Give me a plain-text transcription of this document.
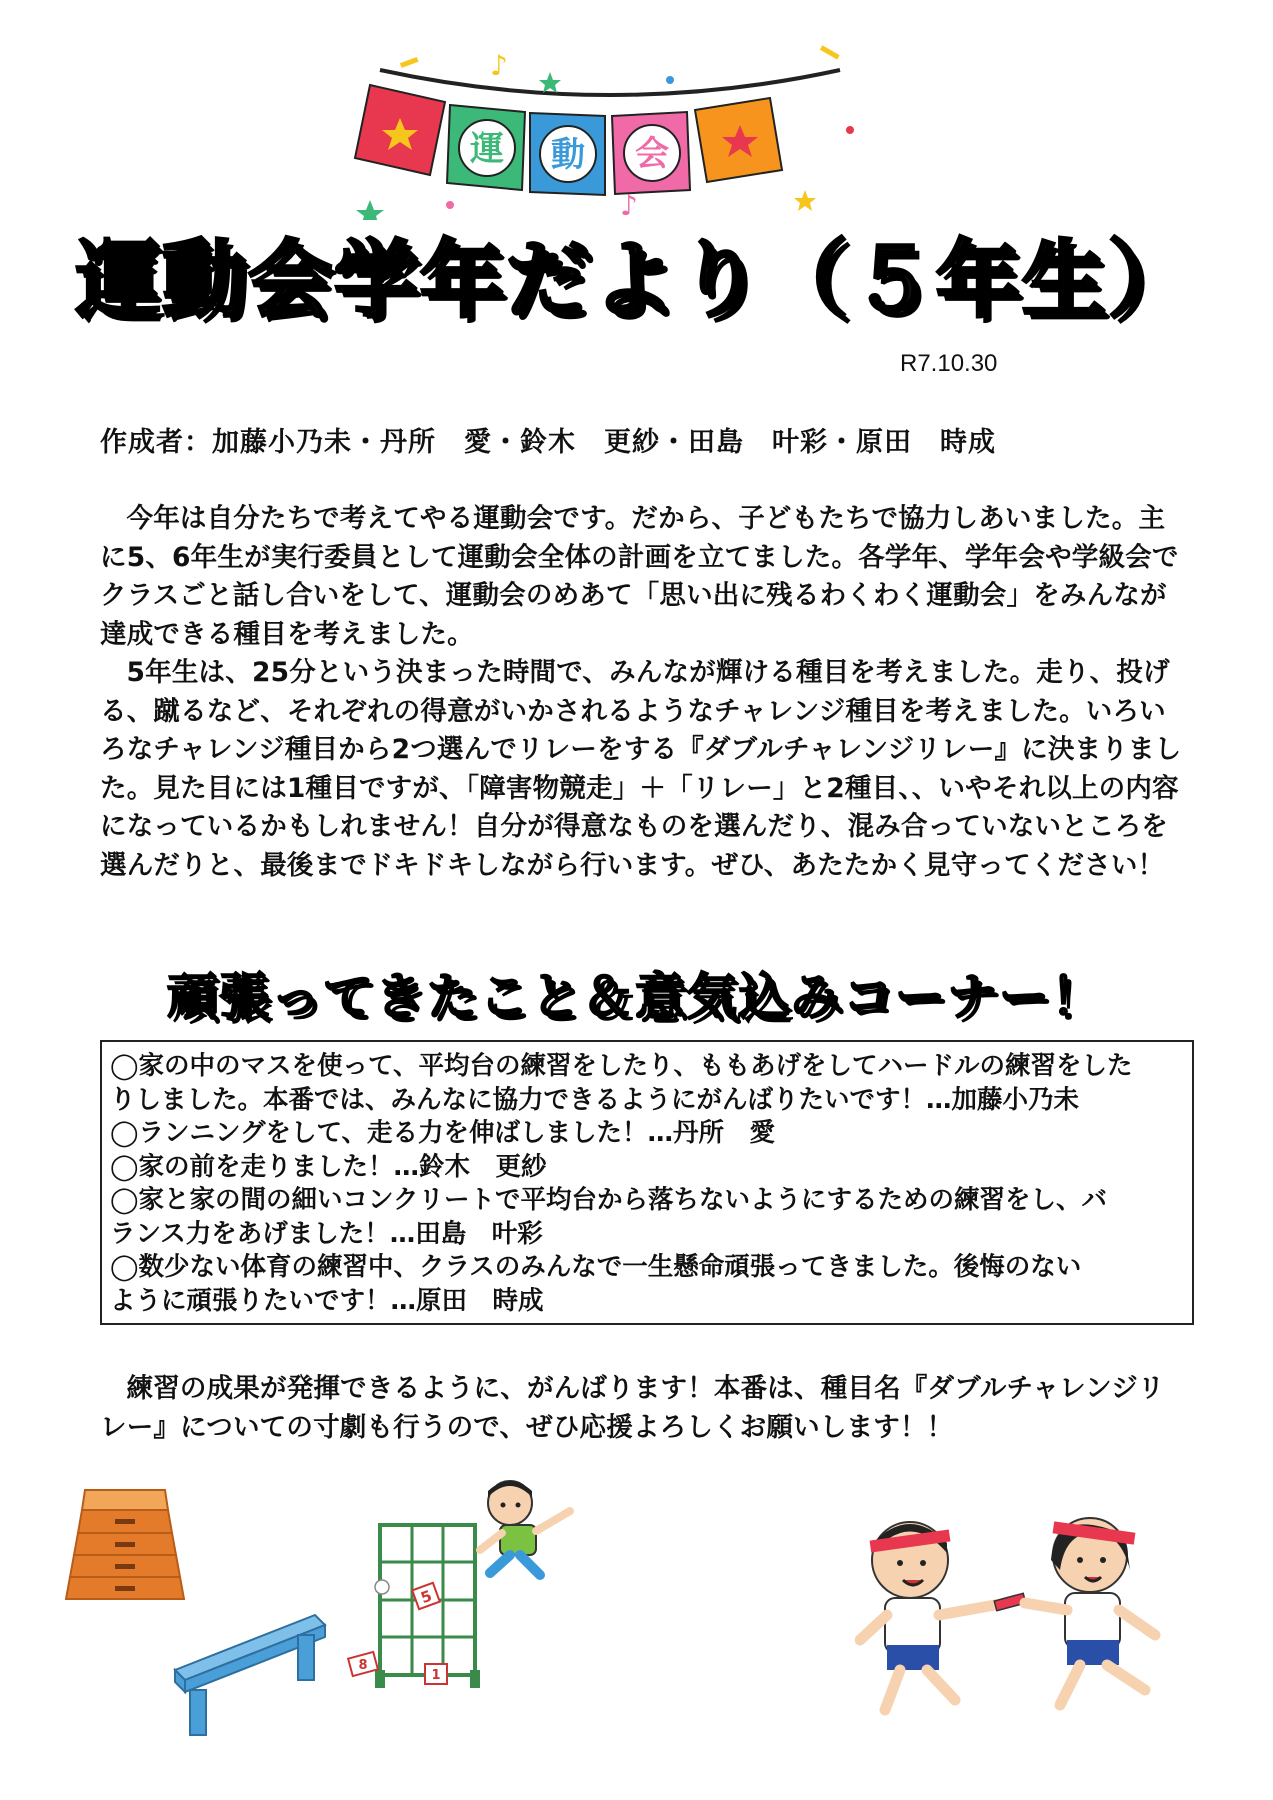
運 動 会
♪
♪
運動会学年だより（５年生）
R7.10.30
作成者：加藤小乃未・丹所　愛・鈴木　更紗・田島　叶彩・原田　時成
今年は自分たちで考えてやる運動会です。だから、子どもたちで協力しあいました。主に5、6年生が実行委員として運動会全体の計画を立てました。各学年、学年会や学級会でクラスごと話し合いをして、運動会のめあて「思い出に残るわくわく運動会」をみんなが達成できる種目を考えました。
5年生は、25分という決まった時間で、みんなが輝ける種目を考えました。走り、投げる、蹴るなど、それぞれの得意がいかされるようなチャレンジ種目を考えました。いろいろなチャレンジ種目から2つ選んでリレーをする『ダブルチャレンジリレー』に決まりました。見た目には1種目ですが、「障害物競走」＋「リレー」と2種目、、いやそれ以上の内容になっているかもしれません！自分が得意なものを選んだり、混み合っていないところを選んだりと、最後までドキドキしながら行います。ぜひ、あたたかく見守ってください！
頑張ってきたこと＆意気込みコーナー！
◯家の中のマスを使って、平均台の練習をしたり、ももあげをしてハードルの練習をした
りしました。本番では、みんなに協力できるようにがんばりたいです！…加藤小乃未
◯ランニングをして、走る力を伸ばしました！…丹所　愛
◯家の前を走りました！…鈴木　更紗
◯家と家の間の細いコンクリートで平均台から落ちないようにするための練習をし、バ
ランス力をあげました！…田島　叶彩
◯数少ない体育の練習中、クラスのみんなで一生懸命頑張ってきました。後悔のない
ように頑張りたいです！…原田　時成
練習の成果が発揮できるように、がんばります！本番は、種目名『ダブルチャレンジリレー』についての寸劇も行うので、ぜひ応援よろしくお願いします！！
5
8
1
